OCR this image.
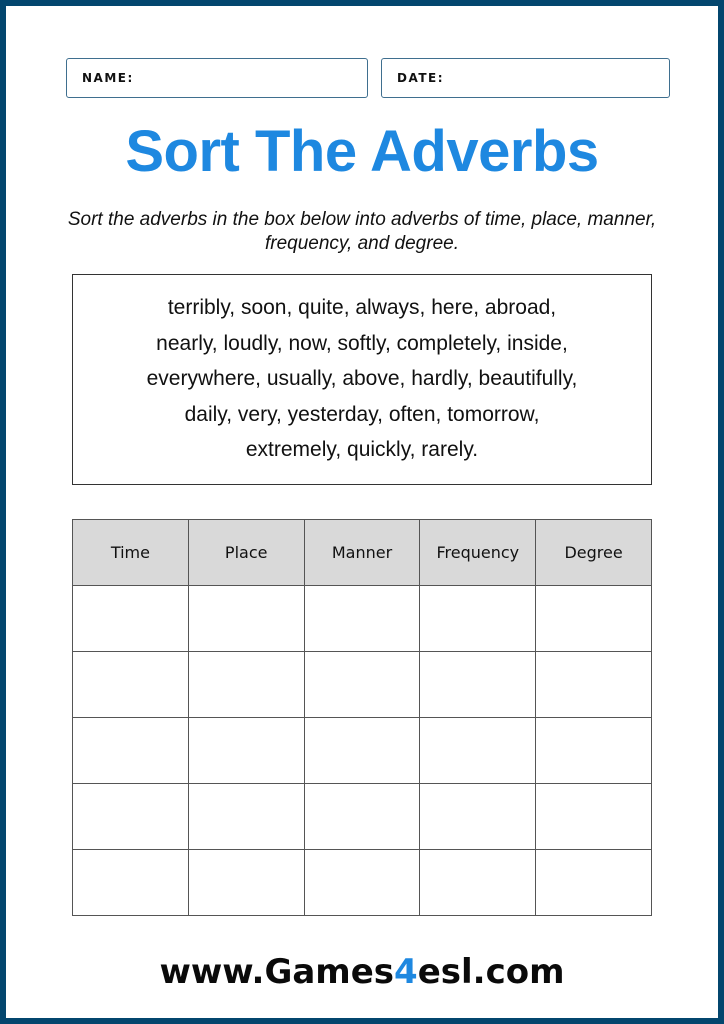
NAME:	DATE:
Sort The Adverbs
Sort the adverbs in the box below into adverbs of time, place, manner, frequency, and degree.
terribly, soon, quite, always, here, abroad,
nearly, loudly, now, softly, completely, inside,
everywhere, usually, above, hardly, beautifully,
daily, very, yesterday, often, tomorrow,
extremely, quickly, rarely.
Time	Place	Manner	Frequency	Degree

www.Games4esl.com
